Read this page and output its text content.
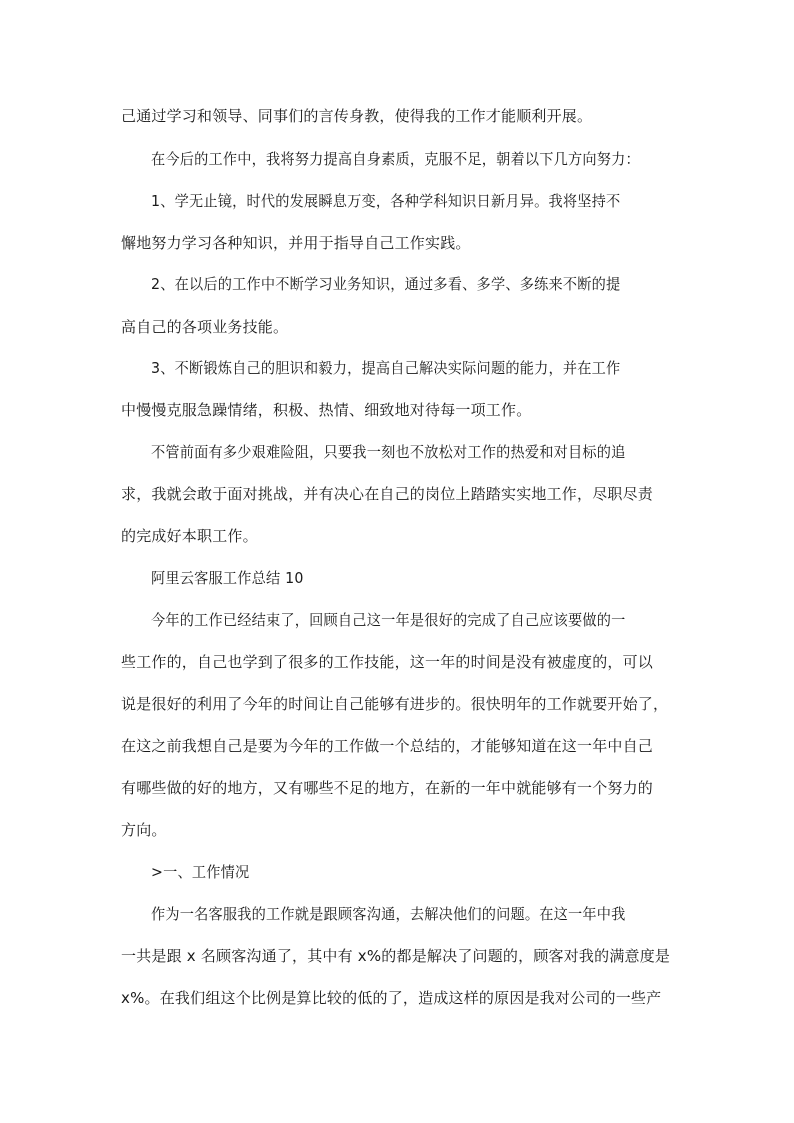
己通过学习和领导、同事们的言传身教，使得我的工作才能顺利开展。
在今后的工作中，我将努力提高自身素质，克服不足，朝着以下几方向努力：
1、学无止镜，时代的发展瞬息万变，各种学科知识日新月异。我将坚持不
懈地努力学习各种知识，并用于指导自己工作实践。
2、在以后的工作中不断学习业务知识，通过多看、多学、多练来不断的提
高自己的各项业务技能。
3、不断锻炼自己的胆识和毅力，提高自己解决实际问题的能力，并在工作
中慢慢克服急躁情绪，积极、热情、细致地对待每一项工作。
不管前面有多少艰难险阻，只要我一刻也不放松对工作的热爱和对目标的追
求，我就会敢于面对挑战，并有决心在自己的岗位上踏踏实实地工作，尽职尽责
的完成好本职工作。
阿里云客服工作总结 10
今年的工作已经结束了，回顾自己这一年是很好的完成了自己应该要做的一
些工作的，自己也学到了很多的工作技能，这一年的时间是没有被虚度的，可以
说是很好的利用了今年的时间让自己能够有进步的。很快明年的工作就要开始了，
在这之前我想自己是要为今年的工作做一个总结的，才能够知道在这一年中自己
有哪些做的好的地方，又有哪些不足的地方，在新的一年中就能够有一个努力的
方向。
>一、工作情况
作为一名客服我的工作就是跟顾客沟通，去解决他们的问题。在这一年中我
一共是跟 x 名顾客沟通了，其中有 x%的都是解决了问题的，顾客对我的满意度是
x%。在我们组这个比例是算比较的低的了，造成这样的原因是我对公司的一些产
